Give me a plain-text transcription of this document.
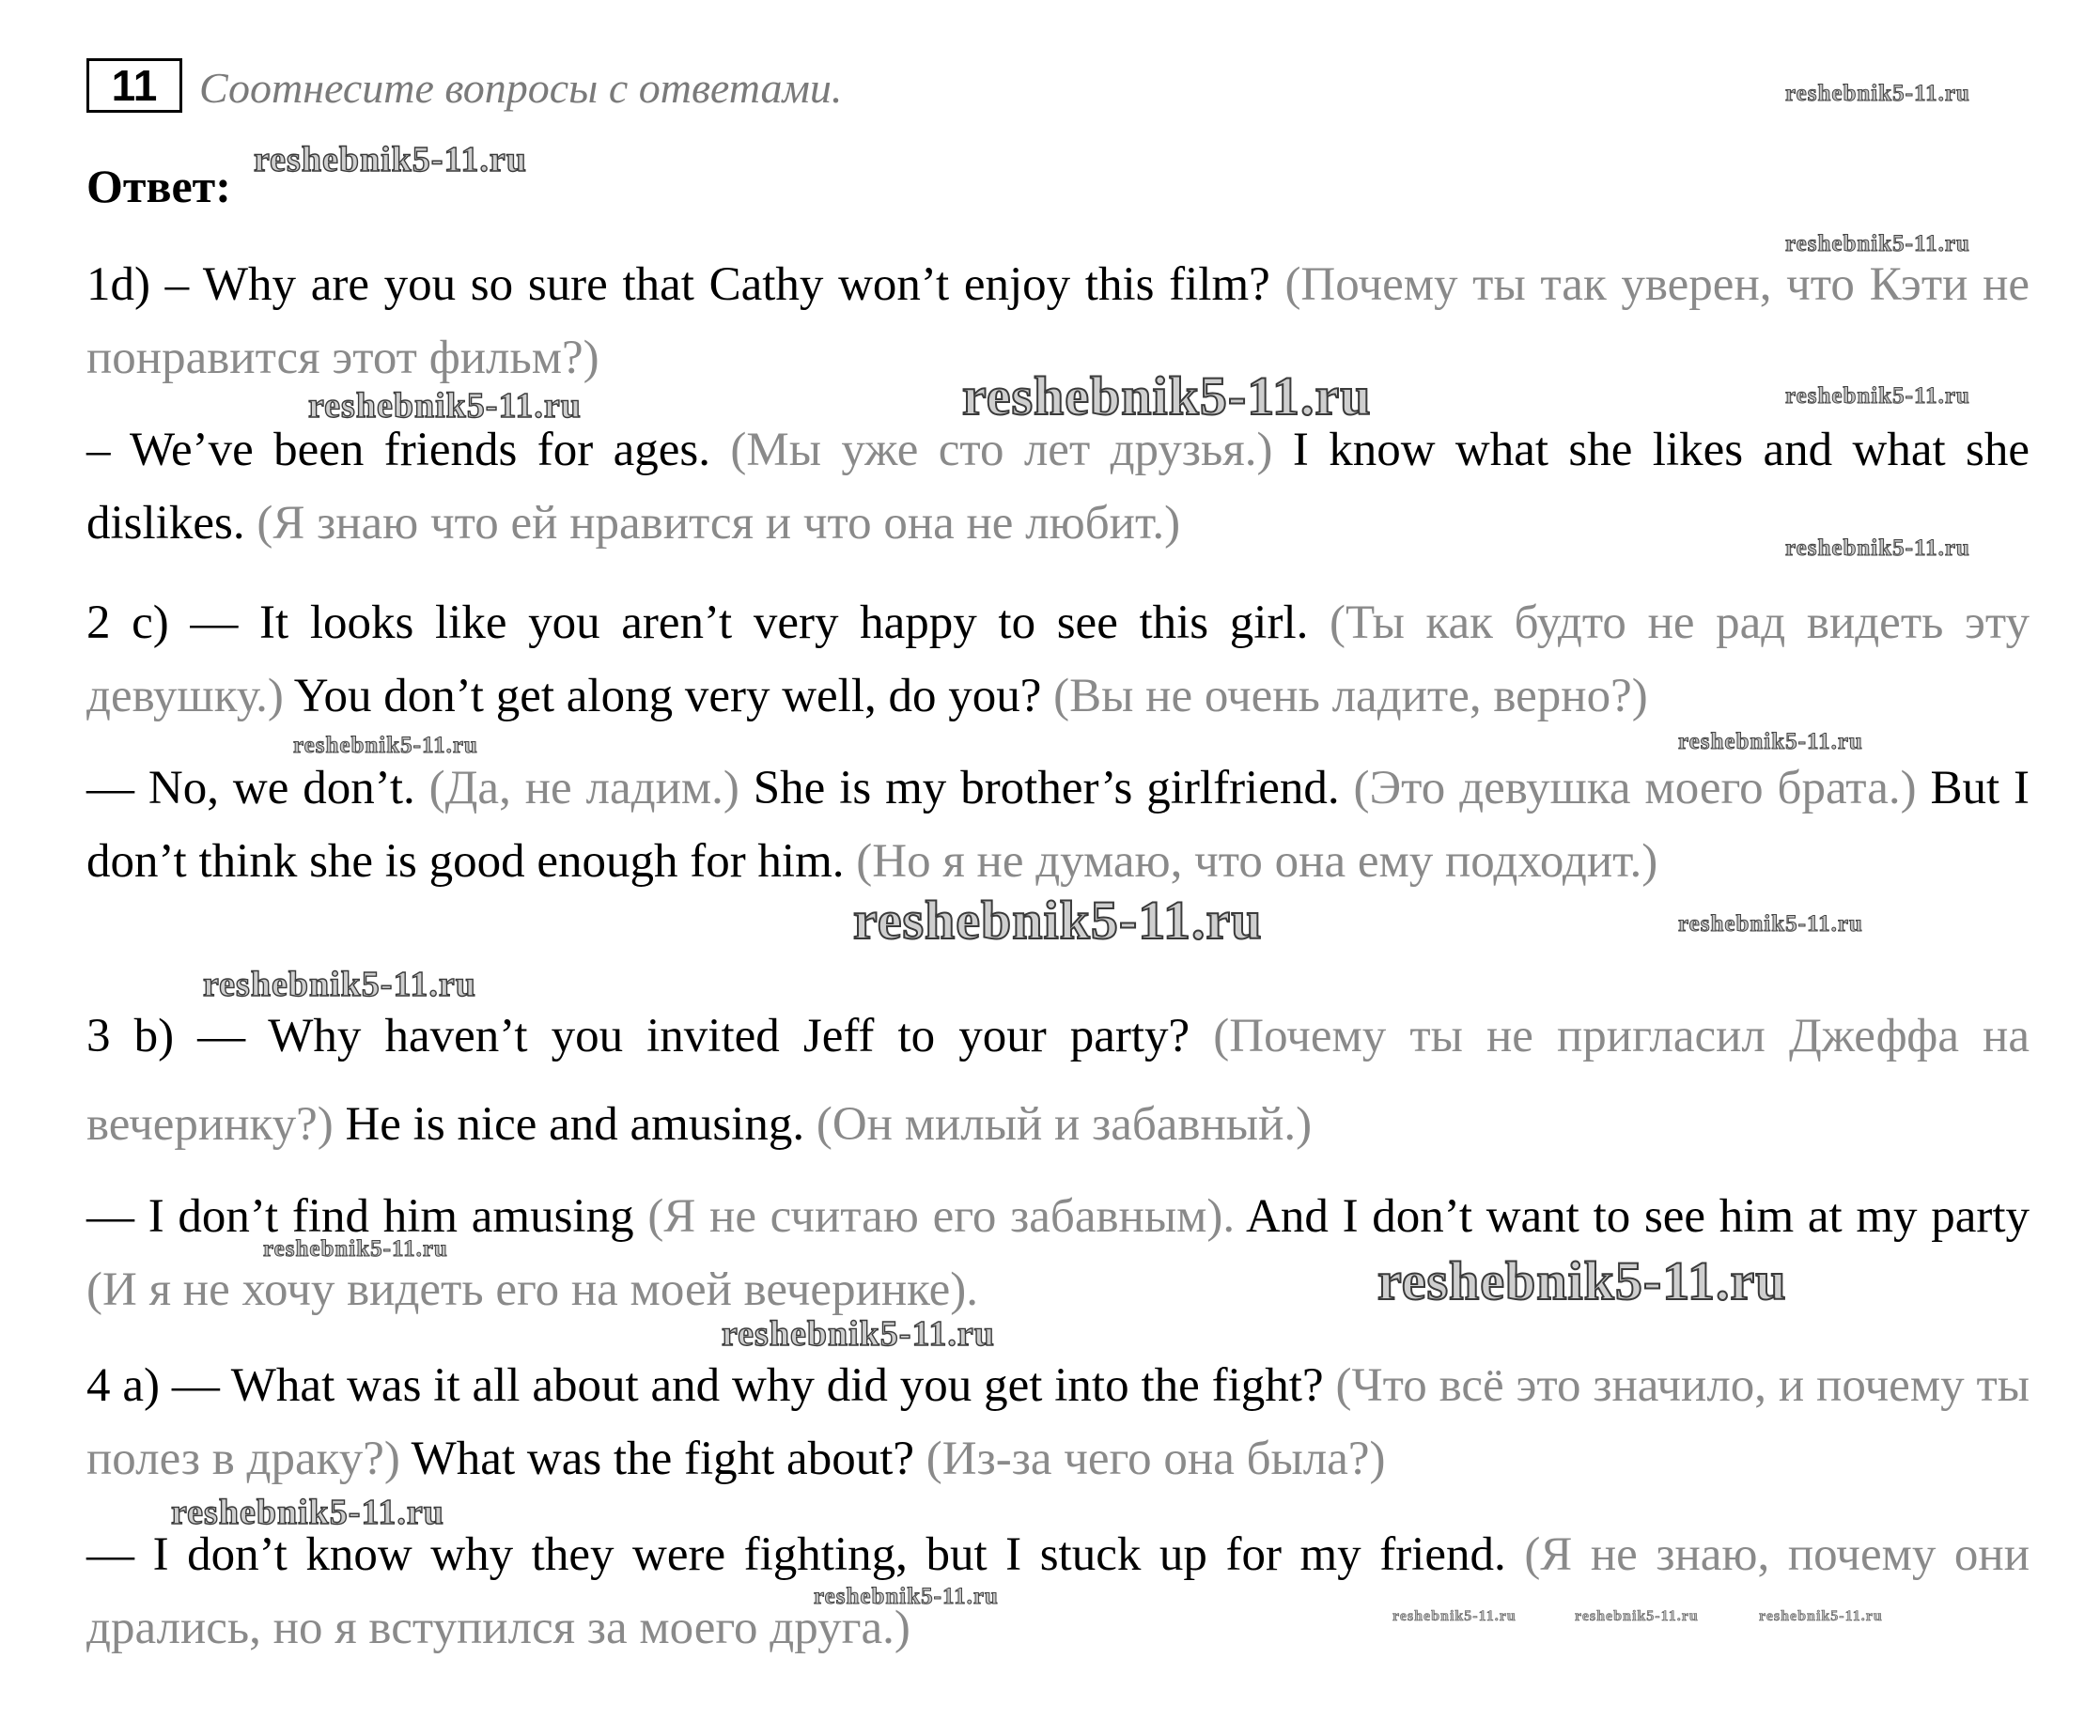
11 Соотнесите вопросы с ответами.
Ответ:
1d) – Why are you so sure that Cathy won’t enjoy this film? (Почему ты так уверен, что Кэти не понравится этот фильм?)
– We’ve been friends for ages. (Мы уже сто лет друзья.) I know what she likes and what she dislikes. (Я знаю что ей нравится и что она не любит.)
2 c) — It looks like you aren’t very happy to see this girl. (Ты как будто не рад видеть эту девушку.) You don’t get along very well, do you? (Вы не очень ладите, верно?)
— No, we don’t. (Да, не ладим.) She is my brother’s girlfriend. (Это девушка моего брата.) But I don’t think she is good enough for him. (Но я не думаю, что она ему подходит.)
3 b) — Why haven’t you invited Jeff to your party? (Почему ты не пригласил Джеффа на вечеринку?) He is nice and amusing. (Он милый и забавный.)
— I don’t find him amusing (Я не считаю его забавным). And I don’t want to see him at my party (И я не хочу видеть его на моей вечеринке).
4 a) — What was it all about and why did you get into the fight? (Что всё это значило, и почему ты полез в драку?) What was the fight about? (Из-за чего она была?)
— I don’t know why they were fighting, but I stuck up for my friend. (Я не знаю, почему они дрались, но я вступился за моего друга.)
reshebnik5-11.ru
reshebnik5-11.ru
reshebnik5-11.ru
reshebnik5-11.ru	reshebnik5-11.ru	reshebnik5-11.ru
reshebnik5-11.ru
reshebnik5-11.ru	reshebnik5-11.ru
reshebnik5-11.ru	reshebnik5-11.ru
reshebnik5-11.ru
reshebnik5-11.ru
reshebnik5-11.ru
reshebnik5-11.ru
reshebnik5-11.ru
reshebnik5-11.ru
reshebnik5-11.ru	reshebnik5-11.ru	reshebnik5-11.ru
